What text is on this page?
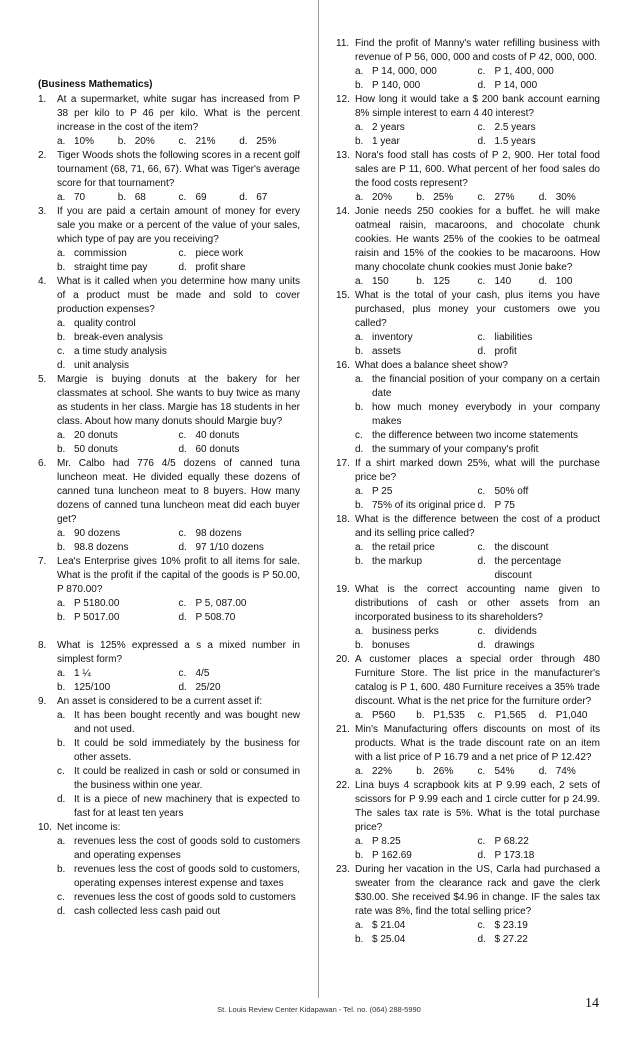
(Business Mathematics)
1.	At a supermarket, white sugar has increased from P 38 per kilo to P 46 per kilo. What is the percent increase in the cost of the item?
a. 10% b. 20% c. 21% d. 25%
2.	Tiger Woods shots the following scores in a recent golf tournament (68, 71, 66, 67). What was Tiger's average score for that tournament?
a. 70	b. 68	c. 69	d. 67
3.	If you are paid a certain amount of money for every sale you make or a percent of the value of your sales, which type of pay are you receiving?
a. commission	c. piece work
b. straight time pay	d. profit share
4.	What is it called when you determine how many units of a product must be made and sold to cover production expenses?
a. quality control
b. break-even analysis
c. a time study analysis
d. unit analysis
5.	Margie is buying donuts at the bakery for her classmates at school. She wants to buy twice as many as students in her class. Margie has 18 students in her class. About how many donuts should Margie buy?
a. 20 donuts	c. 40 donuts
b. 50 donuts	d. 60 donuts
6.	Mr. Calbo had 776 4/5 dozens of canned tuna luncheon meat. He divided equally these dozens of canned tuna luncheon meat to 8 buyers. How many dozens of canned tuna luncheon meat did each buyer get?
a. 90 dozens	c. 98 dozens
b. 98.8 dozens	d. 97 1/10 dozens
7.	Lea's Enterprise gives 10% profit to all items for sale. What is the profit if the capital of the goods is P 50.00, P 870.00?
a. P 5180.00	c. P 5, 087.00
b. P 5017.00	d. P 508.70
8.	What is 125% expressed a s a mixed number in simplest form?
a. 1 ¼	c. 4/5
b. 125/100	d. 25/20
9.	An asset is considered to be a current asset if:
a. It has been bought recently and was bought new and not used.
b. It could be sold immediately by the business for other assets.
c. It could be realized in cash or sold or consumed in the business within one year.
d. It is a piece of new machinery that is expected to fast for at least ten years
10. Net income is:
a. revenues less the cost of goods sold to customers and operating expenses
b. revenues less the cost of goods sold to customers, operating expenses interest expense and taxes
c. revenues less the cost of goods sold to customers
d. cash collected less cash paid out
11. Find the profit of Manny's water refilling business with revenue of P 56, 000, 000 and costs of P 42, 000, 000.
a. P 14, 000, 000	c. P 1, 400, 000
b. P 140, 000	d. P 14, 000
12. How long it would take a $ 200 bank account earning 8% simple interest to earn 4 40 interest?
a. 2 years	c. 2.5 years
b. 1 year	d. 1.5 years
13. Nora's food stall has costs of P 2, 900. Her total food sales are P 11, 600. What percent of her food sales do the food costs represent?
a. 20% b. 25% c. 27% d. 30%
14. Jonie needs 250 cookies for a buffet. he will make oatmeal raisin, macaroons, and chocolate chunk cookies. He wants 25% of the cookies to be oatmeal raisin and 15% of the cookies to be macaroons. How many chocolate chunk cookies must Jonie bake?
a. 150	b. 125	c. 140	d. 100
15. What is the total of your cash, plus items you have purchased, plus money your customers owe you called?
a. inventory	c. liabilities
b. assets	d. profit
16. What does a balance sheet show?
a. the financial position of your company on a certain date
b. how much money everybody in your company makes
c. the difference between two income statements
d. the summary of your company's profit
17. If a shirt marked down 25%, what will the purchase price be?
a. P 25	c. 50% off
b. 75% of its original price d. P 75
18. What is the difference between the cost of a product and its selling price called?
a. the retail price	c. the discount
b. the markup	d. the percentage discount
19. What is the correct accounting name given to distributions of cash or other assets from an incorporated business to its shareholders?
a. business perks	c. dividends
b. bonuses	d. drawings
20. A customer places a special order through 480 Furniture Store. The list price in the manufacturer's catalog is P 1, 600. 480 Furniture receives a 35% trade discount. What is the net price for the furniture order?
a. P560 b. P1,535 c. P1,565 d. P1,040
21. Min's Manufacturing offers discounts on most of its products. What is the trade discount rate on an item with a list price of P 16.79 and a net price of P 12.42?
a. 22% b. 26% c. 54% d. 74%
22. Lina buys 4 scrapbook kits at P 9.99 each, 2 sets of scissors for P 9.99 each and 1 circle cutter for p 24.99. The sales tax rate is 5%. What is the total purchase price?
a. P 8.25	c. P 68.22
b. P 162.69	d. P 173.18
23. During her vacation in the US, Carla had purchased a sweater from the clearance rack and gave the clerk $30.00. She received $4.96 in change. IF the sales tax rate was 8%, find the total selling price?
a. $ 21.04	c. $ 23.19
b. $ 25.04	d. $ 27.22
St. Louis Review Center Kidapawan - Tel. no. (064) 288-5990	14
